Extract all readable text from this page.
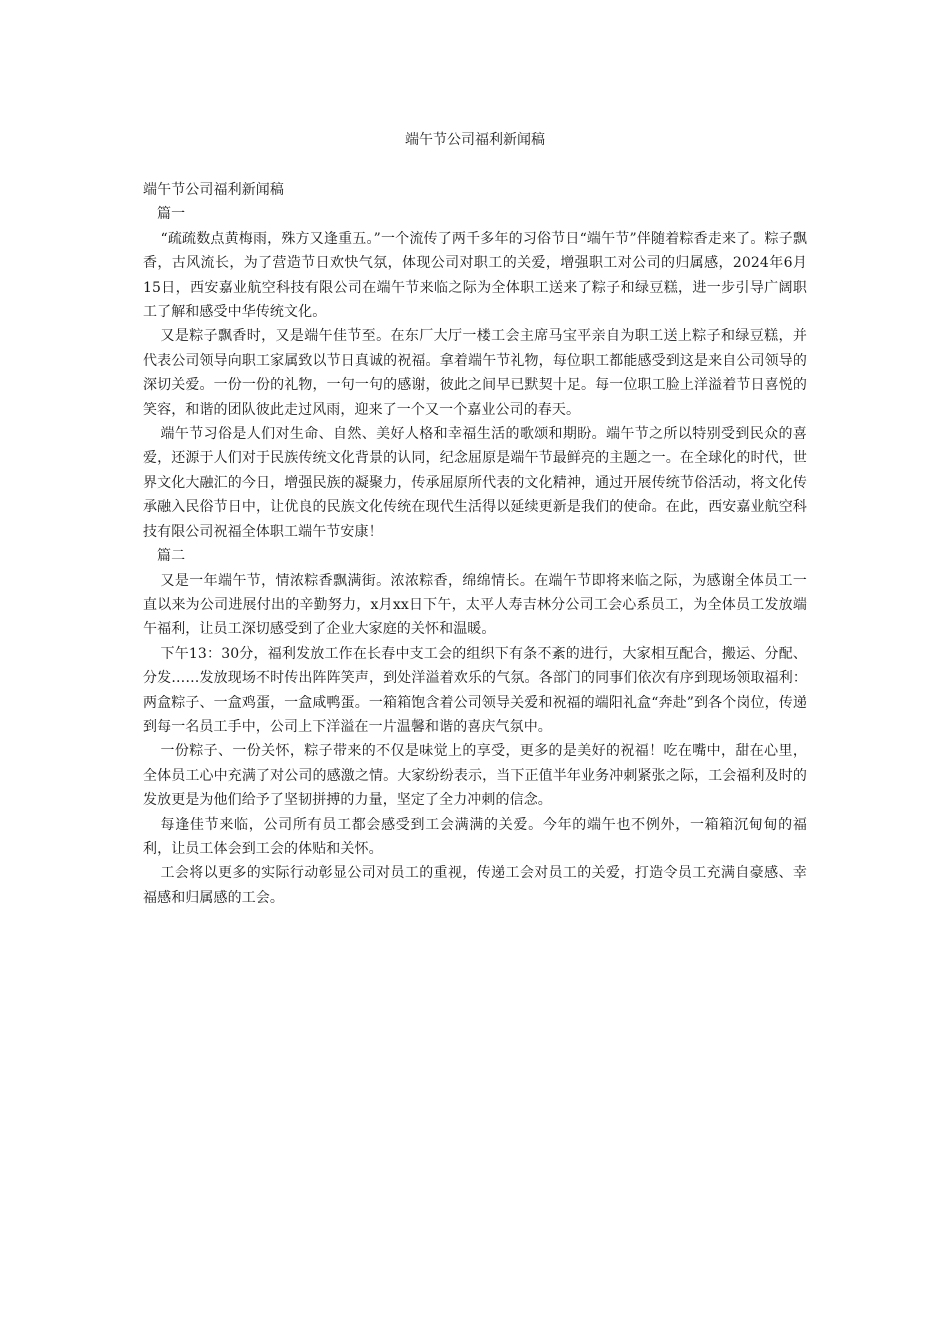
端午节公司福利新闻稿

端午节公司福利新闻稿

篇一

“疏疏数点黄梅雨，殊方又逢重五。”一个流传了两千多年的习俗节日“端午节”伴随着粽香走来了。粽子飘香，古风流长，为了营造节日欢快气氛，体现公司对职工的关爱，增强职工对公司的归属感，2024年6月15日，西安嘉业航空科技有限公司在端午节来临之际为全体职工送来了粽子和绿豆糕，进一步引导广阔职工了解和感受中华传统文化。

又是粽子飘香时，又是端午佳节至。在东厂大厅一楼工会主席马宝平亲自为职工送上粽子和绿豆糕，并代表公司领导向职工家属致以节日真诚的祝福。拿着端午节礼物，每位职工都能感受到这是来自公司领导的深切关爱。一份一份的礼物，一句一句的感谢，彼此之间早已默契十足。每一位职工脸上洋溢着节日喜悦的笑容，和谐的团队彼此走过风雨，迎来了一个又一个嘉业公司的春天。

端午节习俗是人们对生命、自然、美好人格和幸福生活的歌颂和期盼。端午节之所以特别受到民众的喜爱，还源于人们对于民族传统文化背景的认同，纪念屈原是端午节最鲜亮的主题之一。在全球化的时代，世界文化大融汇的今日，增强民族的凝聚力，传承屈原所代表的文化精神，通过开展传统节俗活动，将文化传承融入民俗节日中，让优良的民族文化传统在现代生活得以延续更新是我们的使命。在此，西安嘉业航空科技有限公司祝福全体职工端午节安康！

篇二

又是一年端午节，情浓粽香飘满街。浓浓粽香，绵绵情长。在端午节即将来临之际，为感谢全体员工一直以来为公司进展付出的辛勤努力，x月xx日下午，太平人寿吉林分公司工会心系员工，为全体员工发放端午福利，让员工深切感受到了企业大家庭的关怀和温暖。

下午13：30分，福利发放工作在长春中支工会的组织下有条不紊的进行，大家相互配合，搬运、分配、分发……发放现场不时传出阵阵笑声，到处洋溢着欢乐的气氛。各部门的同事们依次有序到现场领取福利：两盒粽子、一盒鸡蛋，一盒咸鸭蛋。一箱箱饱含着公司领导关爱和祝福的端阳礼盒“奔赴”到各个岗位，传递到每一名员工手中，公司上下洋溢在一片温馨和谐的喜庆气氛中。

一份粽子、一份关怀，粽子带来的不仅是味觉上的享受，更多的是美好的祝福！吃在嘴中，甜在心里，全体员工心中充满了对公司的感激之情。大家纷纷表示，当下正值半年业务冲刺紧张之际，工会福利及时的发放更是为他们给予了坚韧拼搏的力量，坚定了全力冲刺的信念。

每逢佳节来临，公司所有员工都会感受到工会满满的关爱。今年的端午也不例外，一箱箱沉甸甸的福利，让员工体会到工会的体贴和关怀。

工会将以更多的实际行动彰显公司对员工的重视，传递工会对员工的关爱，打造令员工充满自豪感、幸福感和归属感的工会。
